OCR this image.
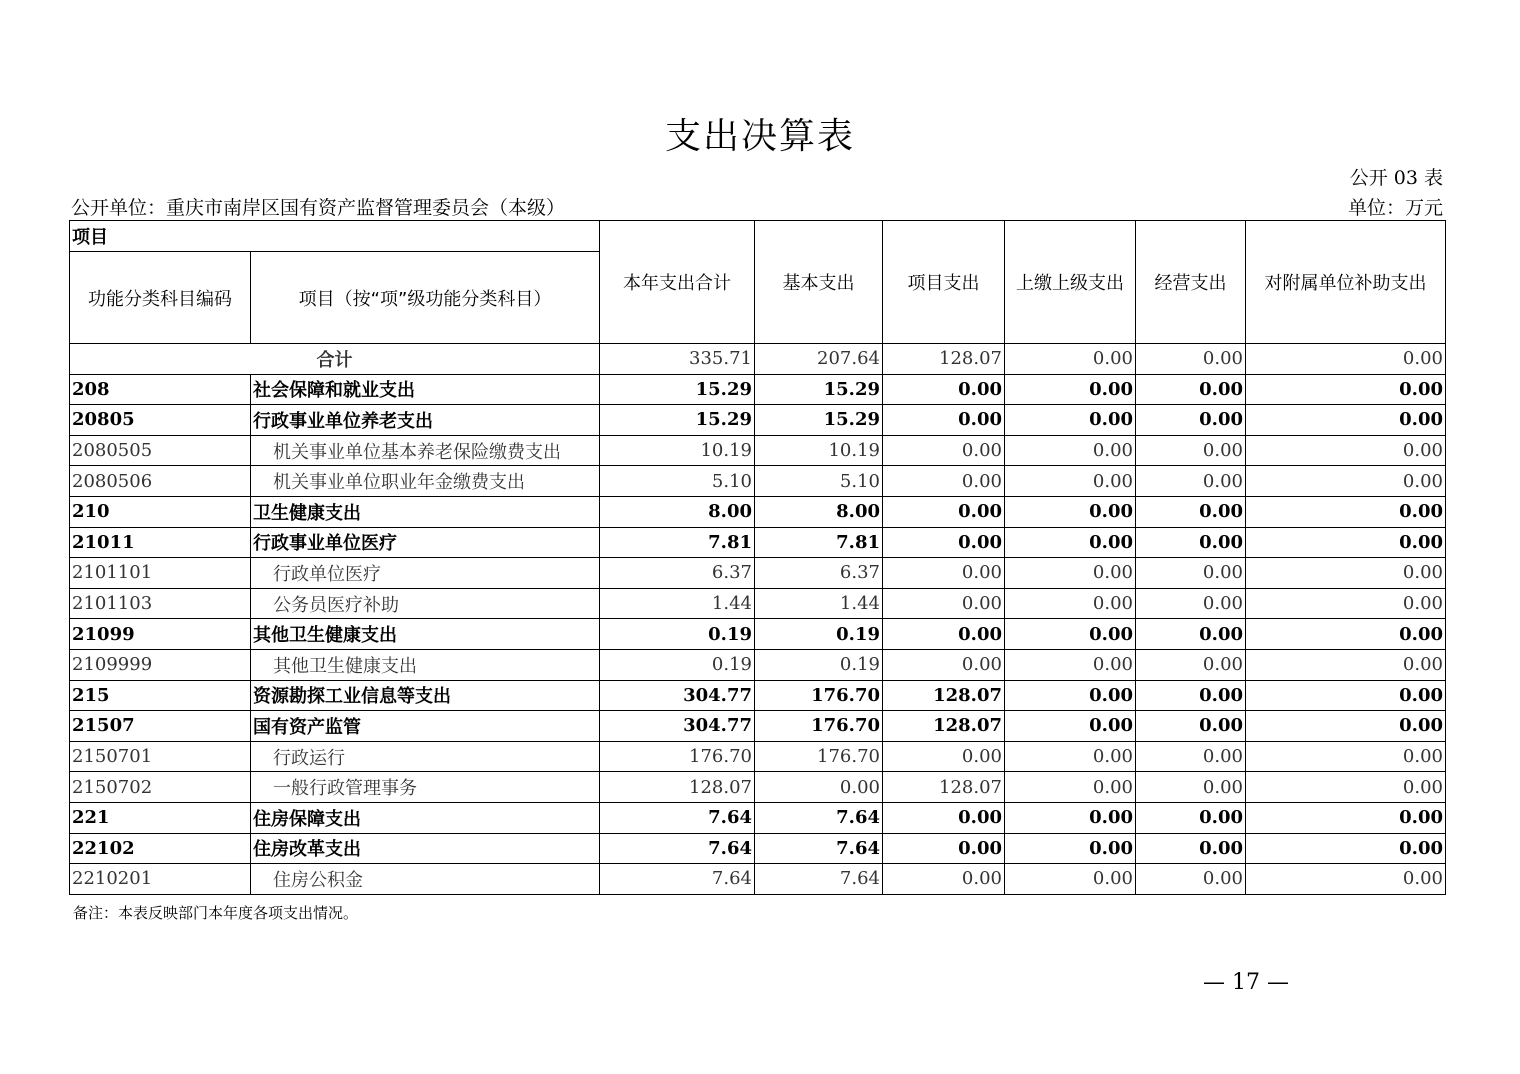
支出决算表
公开 03 表
公开单位：重庆市南岸区国有资产监督管理委员会（本级）	单位：万元
项目		本年支出合计	基本支出	项目支出	上缴上级支出	经营支出	对附属单位补助支出
功能分类科目编码	项目（按“项”级功能分类科目）						
合计		335.71	207.64	128.07	0.00	0.00	0.00
208	社会保障和就业支出	15.29	15.29	0.00	0.00	0.00	0.00
20805	行政事业单位养老支出	15.29	15.29	0.00	0.00	0.00	0.00
2080505	机关事业单位基本养老保险缴费支出	10.19	10.19	0.00	0.00	0.00	0.00
2080506	机关事业单位职业年金缴费支出	5.10	5.10	0.00	0.00	0.00	0.00
210	卫生健康支出	8.00	8.00	0.00	0.00	0.00	0.00
21011	行政事业单位医疗	7.81	7.81	0.00	0.00	0.00	0.00
2101101	行政单位医疗	6.37	6.37	0.00	0.00	0.00	0.00
2101103	公务员医疗补助	1.44	1.44	0.00	0.00	0.00	0.00
21099	其他卫生健康支出	0.19	0.19	0.00	0.00	0.00	0.00
2109999	其他卫生健康支出	0.19	0.19	0.00	0.00	0.00	0.00
215	资源勘探工业信息等支出	304.77	176.70	128.07	0.00	0.00	0.00
21507	国有资产监管	304.77	176.70	128.07	0.00	0.00	0.00
2150701	行政运行	176.70	176.70	0.00	0.00	0.00	0.00
2150702	一般行政管理事务	128.07	0.00	128.07	0.00	0.00	0.00
221	住房保障支出	7.64	7.64	0.00	0.00	0.00	0.00
22102	住房改革支出	7.64	7.64	0.00	0.00	0.00	0.00
2210201	住房公积金	7.64	7.64	0.00	0.00	0.00	0.00
备注：本表反映部门本年度各项支出情况。
— 17 —
